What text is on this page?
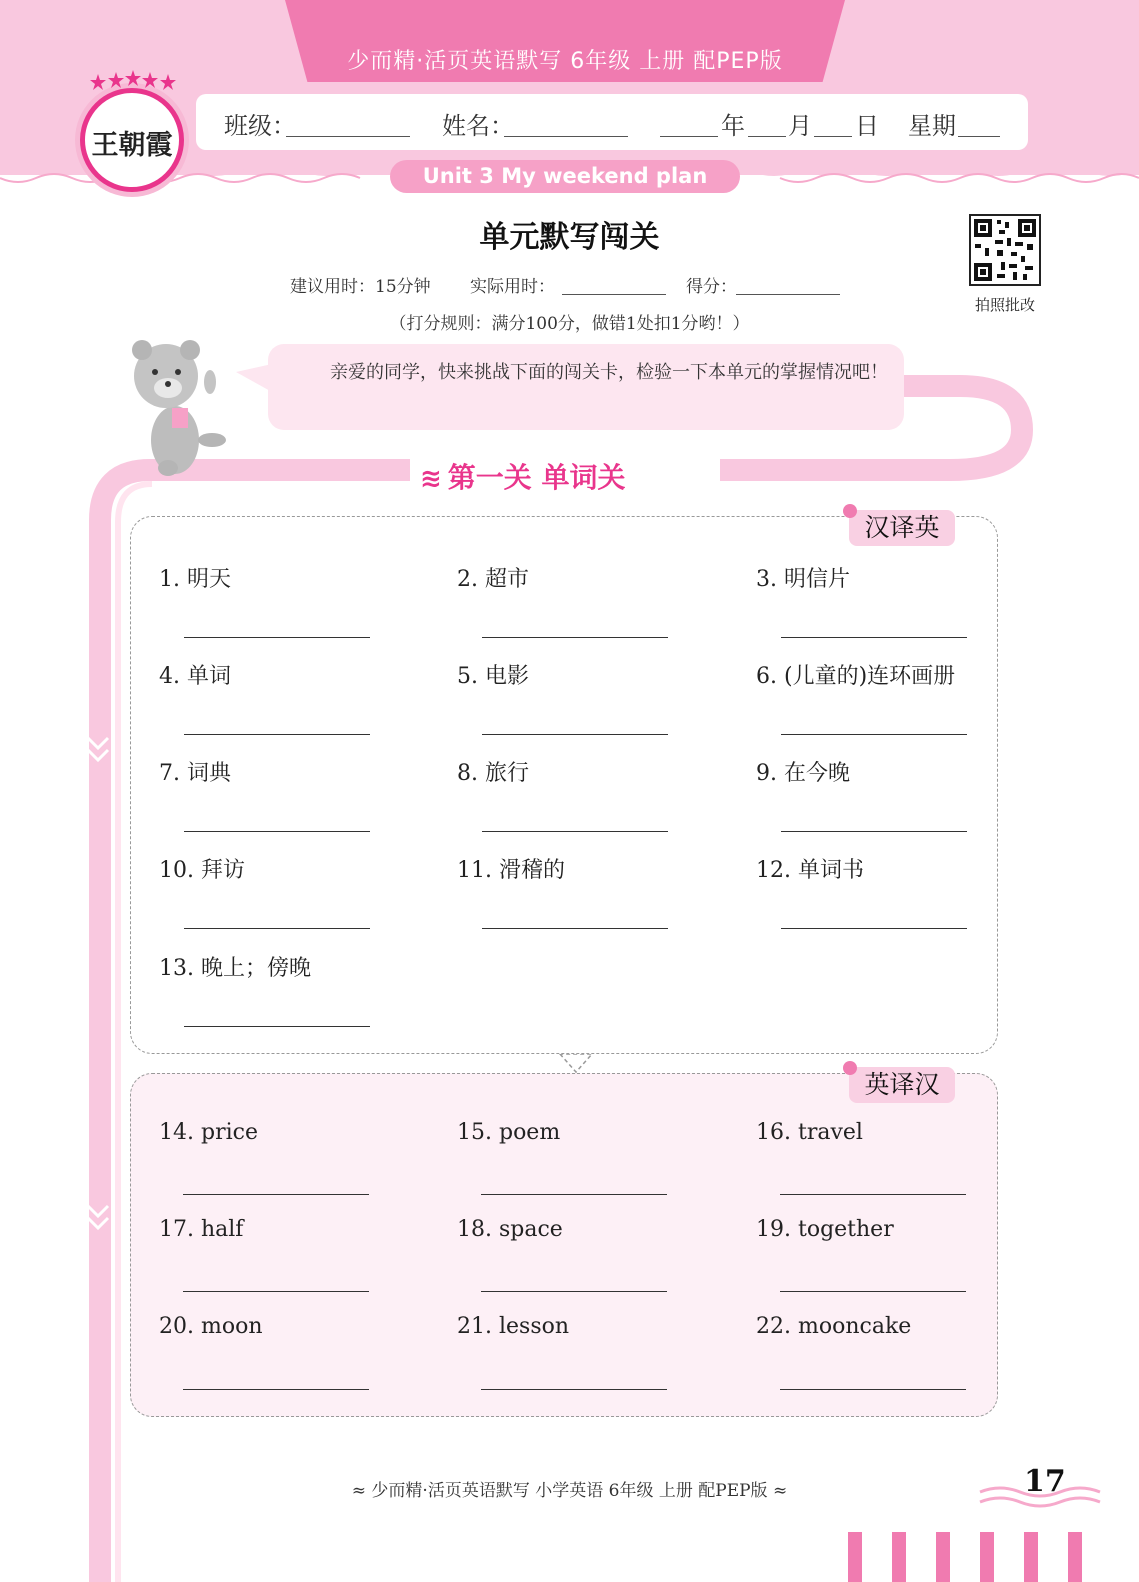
少而精·活页英语默写 6年级 上册 配PEP版
班级：	姓名：	年 月 日 星期
王朝霞
Unit 3 My weekend plan
单元默写闯关
建议用时：15分钟 实际用时：	得分：
（打分规则：满分100分，做错1处扣1分哟！）
拍照批改
亲爱的同学，快来挑战下面的闯关卡，检验一下本单元的掌握情况吧！
≋ 第一关 单词关
汉译英
1. 明天	2. 超市	3. 明信片
4. 单词	5. 电影	6. (儿童的)连环画册
7. 词典	8. 旅行	9. 在今晚
10. 拜访	11. 滑稽的	12. 单词书
13. 晚上；傍晚
英译汉
14. price	15. poem	16. travel
17. half	18. space	19. together
20. moon	21. lesson	22. mooncake
≈ 少而精·活页英语默写 小学英语 6年级 上册 配PEP版 ≈	17
